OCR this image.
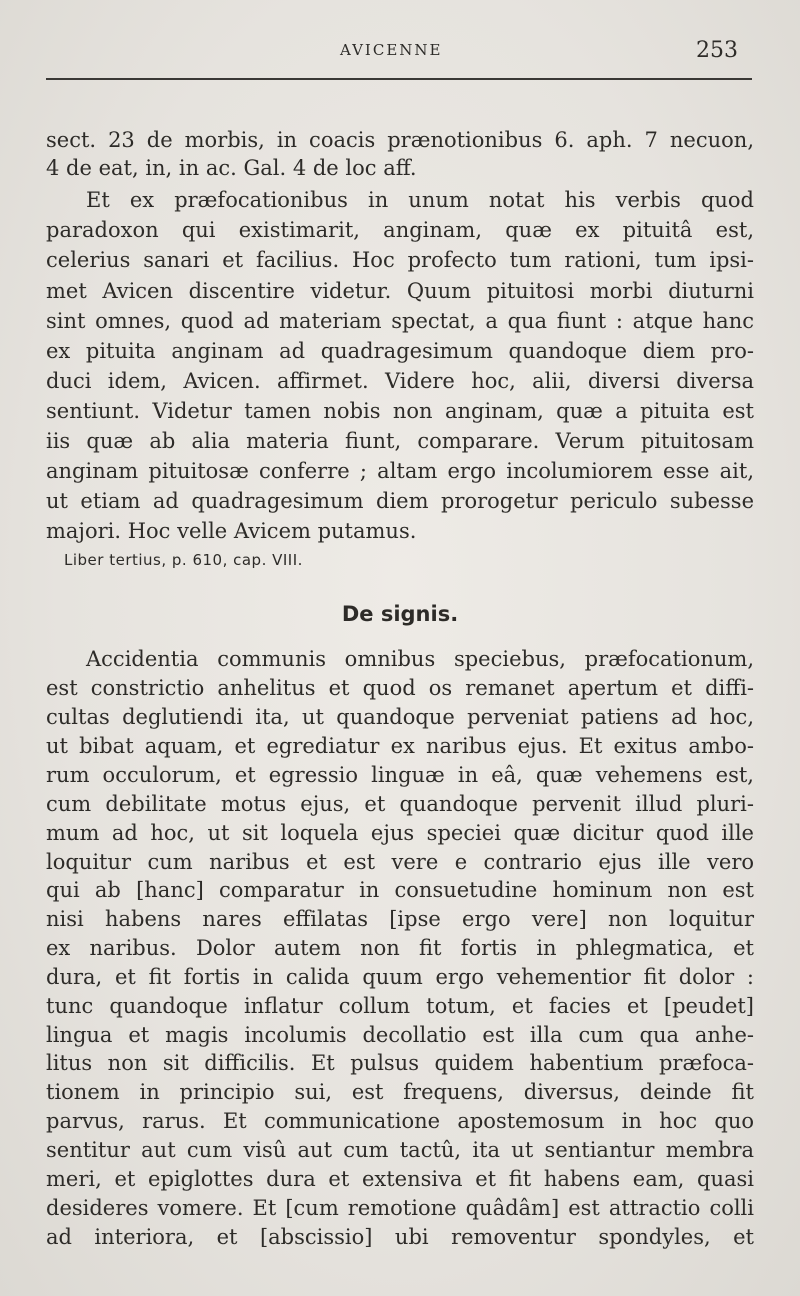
AVICENNE	253
sect. 23 de morbis, in coacis prænotionibus 6. aph. 7 necuon,
4 de eat, in, in ac. Gal. 4 de loc aff.
Et ex præfocationibus in unum notat his verbis quod
paradoxon qui existimarit, anginam, quæ ex pituitâ est,
celerius sanari et facilius. Hoc profecto tum rationi, tum ipsi-
met Avicen discentire videtur. Quum pituitosi morbi diuturni
sint omnes, quod ad materiam spectat, a qua fiunt : atque hanc
ex pituita anginam ad quadragesimum quandoque diem pro-
duci idem, Avicen. affirmet. Videre hoc, alii, diversi diversa
sentiunt. Videtur tamen nobis non anginam, quæ a pituita est
iis quæ ab alia materia fiunt, comparare. Verum pituitosam
anginam pituitosæ conferre ; altam ergo incolumiorem esse ait,
ut etiam ad quadragesimum diem prorogetur periculo subesse
majori. Hoc velle Avicem putamus.
Liber tertius, p. 610, cap. VIII.
De signis.
Accidentia communis omnibus speciebus, præfocationum,
est constrictio anhelitus et quod os remanet apertum et diffi-
cultas deglutiendi ita, ut quandoque perveniat patiens ad hoc,
ut bibat aquam, et egrediatur ex naribus ejus. Et exitus ambo-
rum occulorum, et egressio linguæ in eâ, quæ vehemens est,
cum debilitate motus ejus, et quandoque pervenit illud pluri-
mum ad hoc, ut sit loquela ejus speciei quæ dicitur quod ille
loquitur cum naribus et est vere e contrario ejus ille vero
qui ab [hanc] comparatur in consuetudine hominum non est
nisi habens nares effilatas [ipse ergo vere] non loquitur
ex naribus. Dolor autem non fit fortis in phlegmatica, et
dura, et fit fortis in calida quum ergo vehementior fit dolor :
tunc quandoque inflatur collum totum, et facies et [peudet]
lingua et magis incolumis decollatio est illa cum qua anhe-
litus non sit difficilis. Et pulsus quidem habentium præfoca-
tionem in principio sui, est frequens, diversus, deinde fit
parvus, rarus. Et communicatione apostemosum in hoc quo
sentitur aut cum visû aut cum tactû, ita ut sentiantur membra
meri, et epiglottes dura et extensiva et fit habens eam, quasi
desideres vomere. Et [cum remotione quâdâm] est attractio colli
ad interiora, et [abscissio] ubi removentur spondyles, et
